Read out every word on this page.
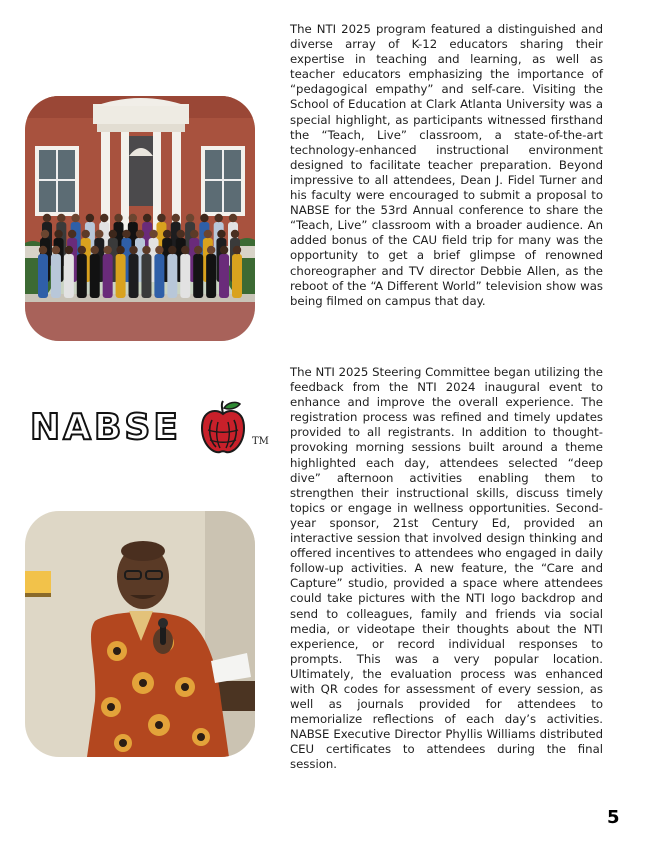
NABSE	TM

The NTI 2025 program featured a distinguished and diverse array of K-12 educators sharing their expertise in teaching and learning, as well as teacher educators emphasizing the importance of “pedagogical empathy” and self-care. Visiting the School of Education at Clark Atlanta University was a special highlight, as participants witnessed firsthand the “Teach, Live” classroom, a state-of-the-art technology-enhanced instructional environment designed to facilitate teacher preparation. Beyond impressive to all attendees, Dean J. Fidel Turner and his faculty were encouraged to submit a proposal to NABSE for the 53rd Annual conference to share the “Teach, Live” classroom with a broader audience. An added bonus of the CAU field trip for many was the opportunity to get a brief glimpse of renowned choreographer and TV director Debbie Allen, as the reboot of the “A Different World” television show was being filmed on campus that day.

The NTI 2025 Steering Committee began utilizing the feedback from the NTI 2024 inaugural event to enhance and improve the overall experience. The registration process was refined and timely updates provided to all registrants. In addition to thought-provoking morning sessions built around a theme highlighted each day, attendees selected “deep dive” afternoon activities enabling them to strengthen their instructional skills, discuss timely topics or engage in wellness opportunities. Second-year sponsor, 21st Century Ed, provided an interactive session that involved design thinking and offered incentives to attendees who engaged in daily follow-up activities. A new feature, the “Care and Capture” studio, provided a space where attendees could take pictures with the NTI logo backdrop and send to colleagues, family and friends via social media, or videotape their thoughts about the NTI experience, or record individual responses to prompts. This was a very popular location. Ultimately, the evaluation process was enhanced with QR codes for assessment of every session, as well as journals provided for attendees to memorialize reflections of each day’s activities. NABSE Executive Director Phyllis Williams distributed CEU certificates to attendees during the final session.

5
